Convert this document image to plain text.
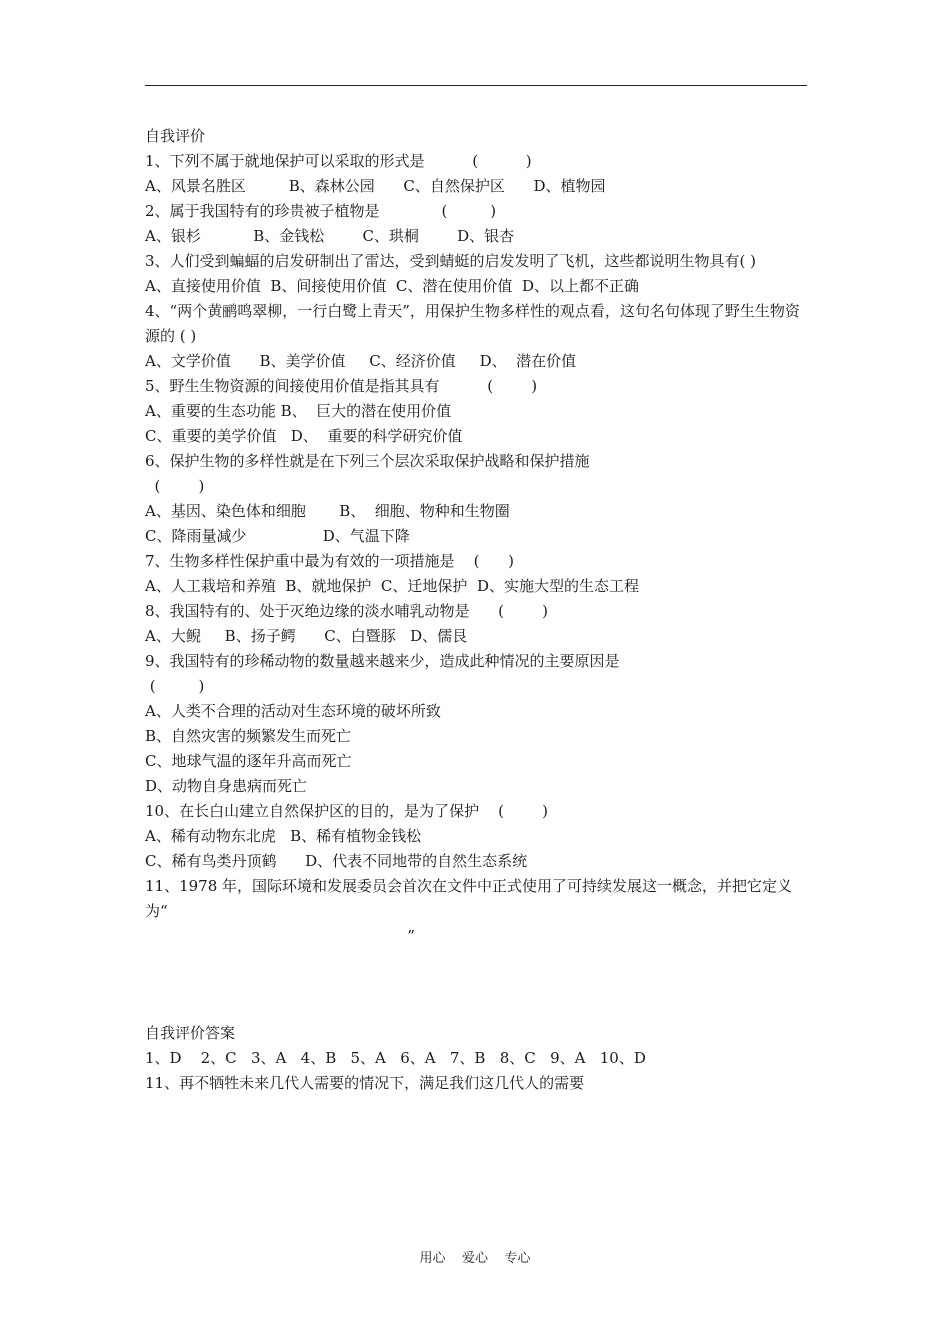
自我评价
1、下列不属于就地保护可以采取的形式是          (          )
A、风景名胜区         B、森林公园      C、自然保护区      D、植物园
2、属于我国特有的珍贵被子植物是             (         )
A、银杉           B、金钱松        C、珙桐        D、银杏
3、人们受到蝙蝠的启发研制出了雷达，受到蜻蜓的启发发明了飞机，这些都说明生物具有( )
A、直接使用价值  B、间接使用价值  C、潜在使用价值  D、以上都不正确
4、“两个黄鹂鸣翠柳，一行白鹭上青天”，用保护生物多样性的观点看，这句名句体现了野生生物资源的 ( )
A、文学价值      B、美学价值     C、经济价值     D、  潜在价值
5、野生生物资源的间接使用价值是指其具有          (        )
A、重要的生态功能 B、  巨大的潜在使用价值
C、重要的美学价值   D、  重要的科学研究价值
6、保护生物的多样性就是在下列三个层次采取保护战略和保护措施
(        )
A、基因、染色体和细胞       B、  细胞、物种和生物圈
C、降雨量减少                D、气温下降
7、生物多样性保护重中最为有效的一项措施是    (      )
A、人工栽培和养殖  B、就地保护  C、迁地保护  D、实施大型的生态工程
8、我国特有的、处于灭绝边缘的淡水哺乳动物是      (        )
A、大鲵     B、扬子鳄      C、白暨豚   D、儒艮
9、我国特有的珍稀动物的数量越来越来少，造成此种情况的主要原因是
(         )
A、人类不合理的活动对生态环境的破坏所致
B、自然灾害的频繁发生而死亡
C、地球气温的逐年升高而死亡
D、动物自身患病而死亡
10、在长白山建立自然保护区的目的，是为了保护    (        )
A、稀有动物东北虎   B、稀有植物金钱松
C、稀有鸟类丹顶鹤      D、代表不同地带的自然生态系统
11、1978 年，国际环境和发展委员会首次在文件中正式使用了可持续发展这一概念，并把它定义为“
”
自我评价答案
1、D    2、C   3、A   4、B   5、A   6、A   7、B   8、C   9、A   10、D
11、再不牺牲未来几代人需要的情况下，满足我们这几代人的需要
用心    爱心    专心
